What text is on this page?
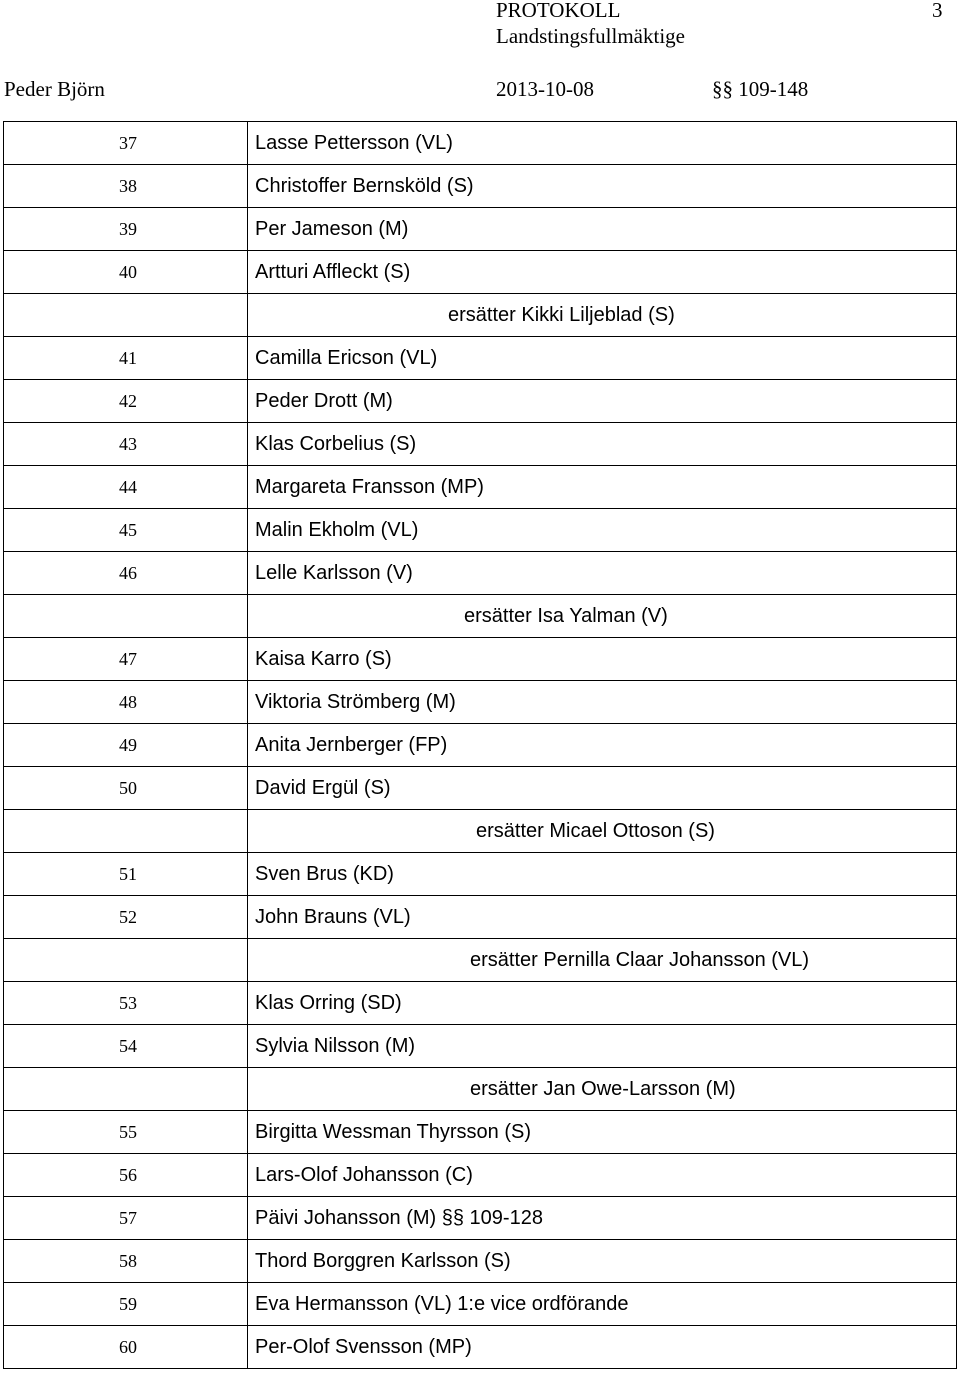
PROTOKOLL	3
Landstingsfullmäktige
Peder Björn	2013-10-08	§§ 109-148
37	Lasse Pettersson (VL)
38	Christoffer Bernsköld (S)
39	Per Jameson (M)
40	Artturi Affleckt (S)
	ersätter Kikki Liljeblad (S)
41	Camilla Ericson (VL)
42	Peder Drott (M)
43	Klas Corbelius (S)
44	Margareta Fransson (MP)
45	Malin Ekholm (VL)
46	Lelle Karlsson (V)
	ersätter Isa Yalman (V)
47	Kaisa Karro (S)
48	Viktoria Strömberg (M)
49	Anita Jernberger (FP)
50	David Ergül (S)
	ersätter Micael Ottoson (S)
51	Sven Brus (KD)
52	John Brauns (VL)
	ersätter Pernilla Claar Johansson (VL)
53	Klas Orring (SD)
54	Sylvia Nilsson (M)
	ersätter Jan Owe-Larsson (M)
55	Birgitta Wessman Thyrsson (S)
56	Lars-Olof Johansson (C)
57	Päivi Johansson (M) §§ 109-128
58	Thord Borggren Karlsson (S)
59	Eva Hermansson (VL) 1:e vice ordförande
60	Per-Olof Svensson (MP)
